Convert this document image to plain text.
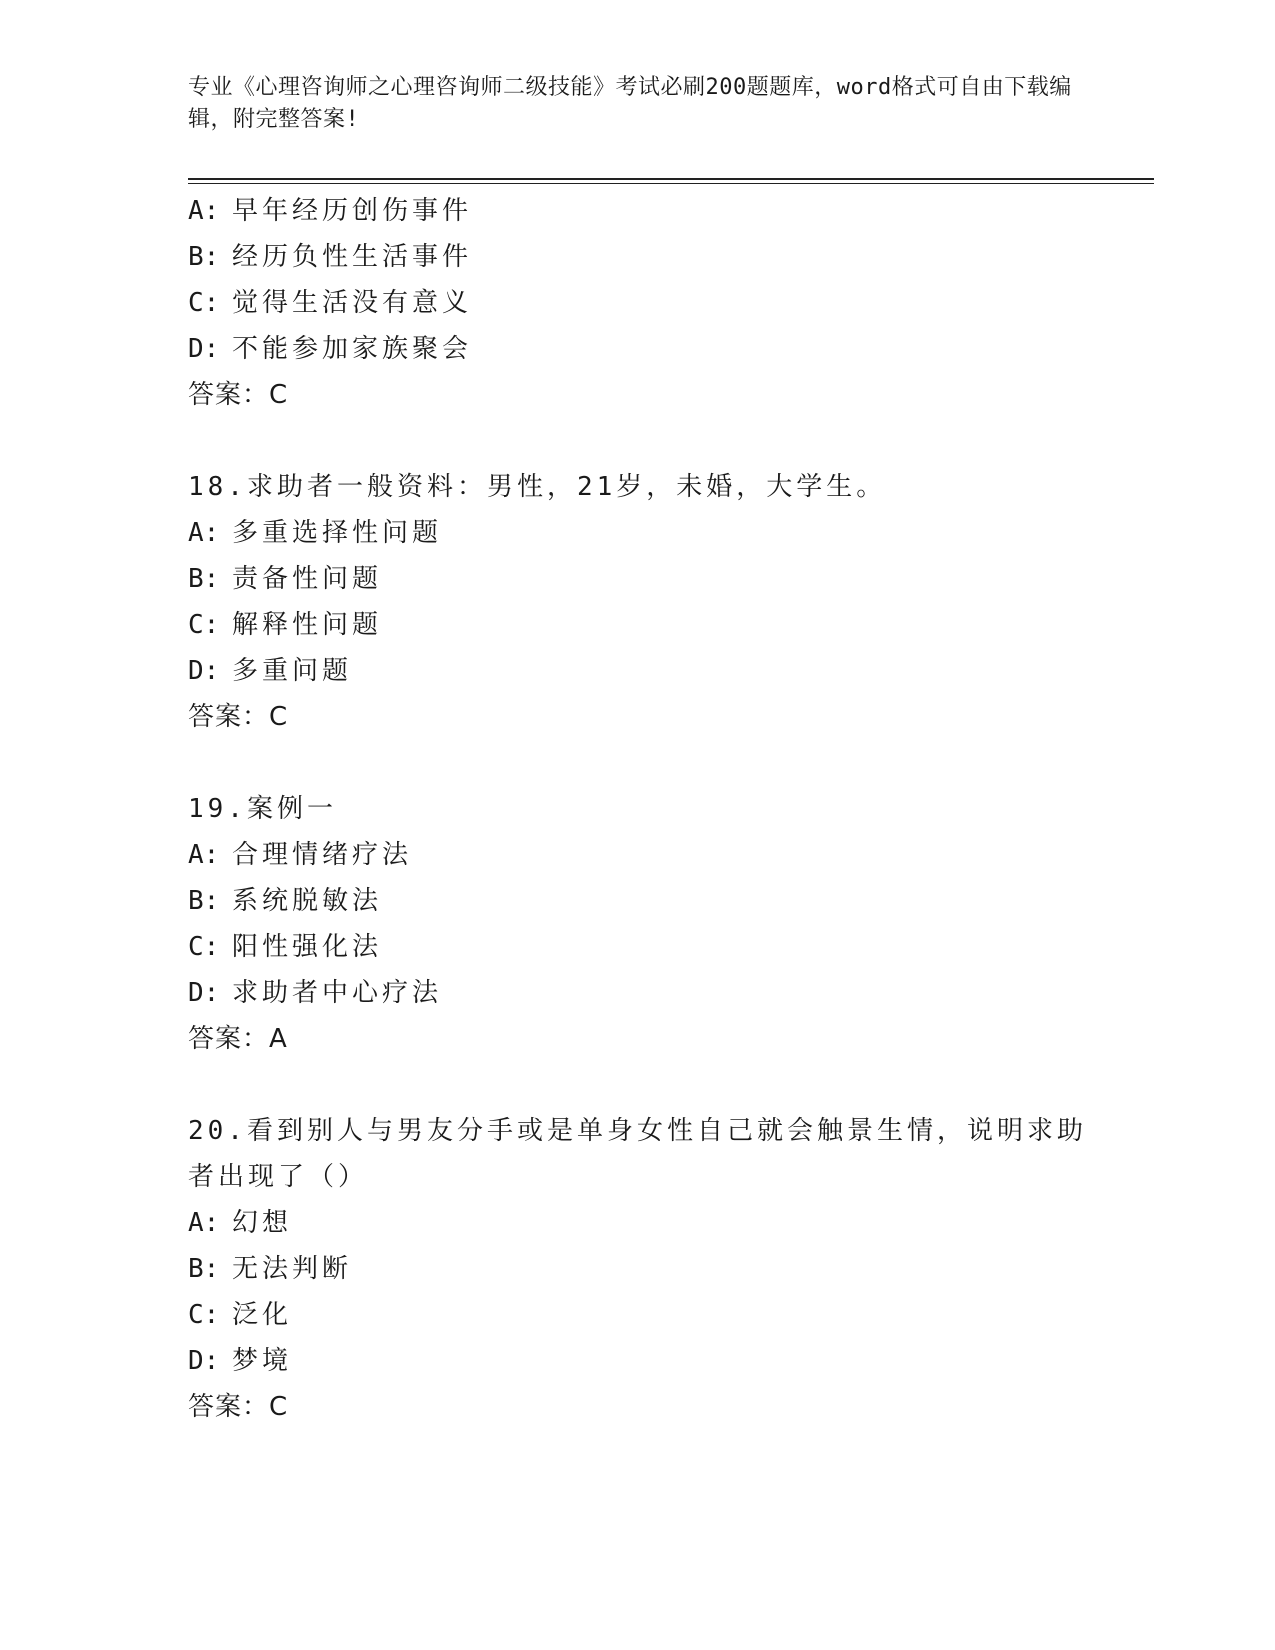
专业《心理咨询师之心理咨询师二级技能》考试必刷200题题库，word格式可自由下载编辑，附完整答案!
A: 早年经历创伤事件
B: 经历负性生活事件
C: 觉得生活没有意义
D: 不能参加家族聚会
答案：C
18.求助者一般资料：男性，21岁，未婚，大学生。
A: 多重选择性问题
B: 责备性问题
C: 解释性问题
D: 多重问题
答案：C
19.案例一
A: 合理情绪疗法
B: 系统脱敏法
C: 阳性强化法
D: 求助者中心疗法
答案：A
20.看到别人与男友分手或是单身女性自己就会触景生情，说明求助者出现了（）
A: 幻想
B: 无法判断
C: 泛化
D: 梦境
答案：C
